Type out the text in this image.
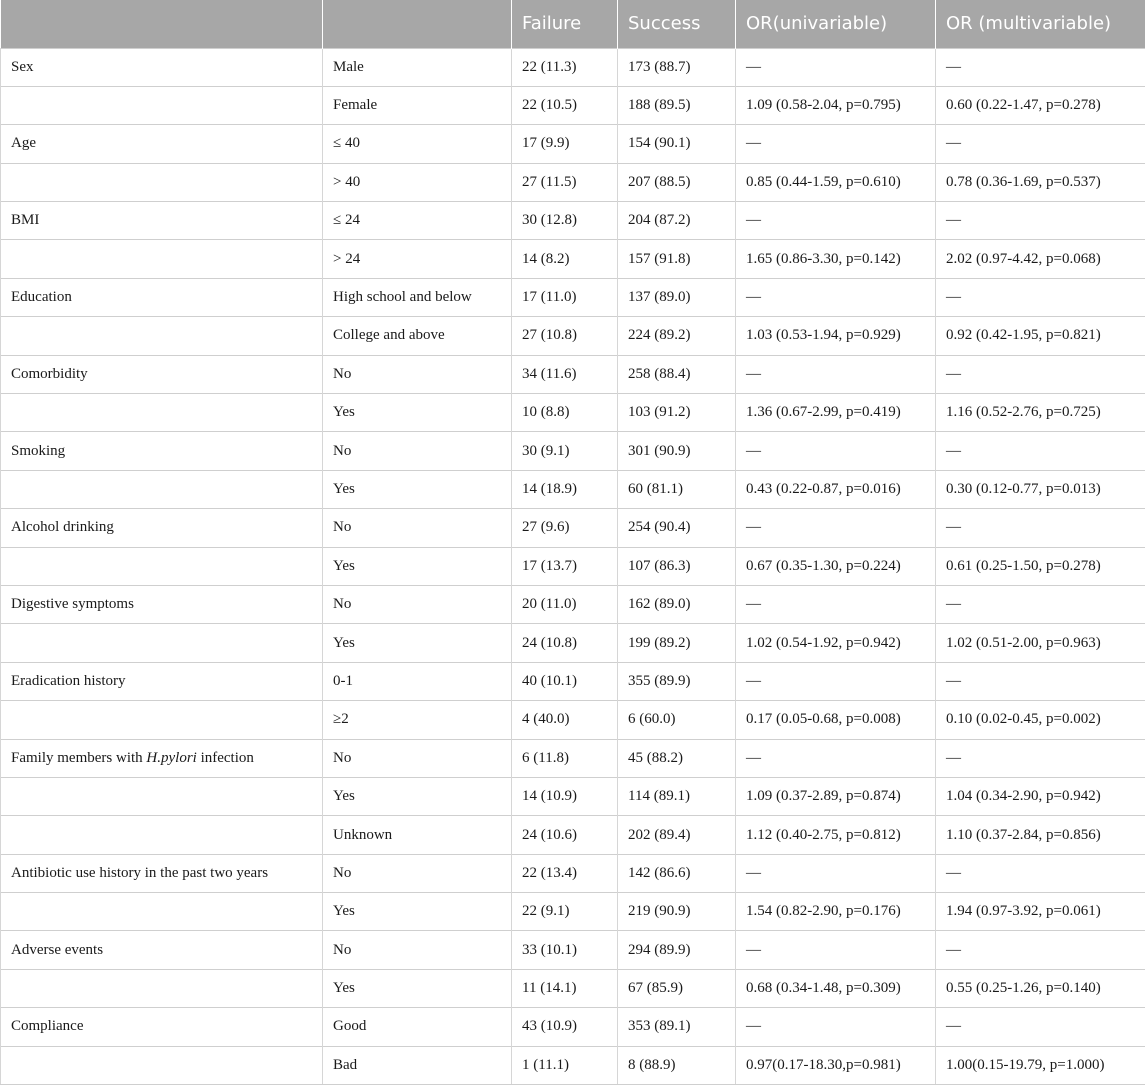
		Failure	Success	OR(univariable)	OR (multivariable)
Sex	Male	22 (11.3)	173 (88.7)	—	—
	Female	22 (10.5)	188 (89.5)	1.09 (0.58-2.04, p=0.795)	0.60 (0.22-1.47, p=0.278)
Age	≤ 40	17 (9.9)	154 (90.1)	—	—
	> 40	27 (11.5)	207 (88.5)	0.85 (0.44-1.59, p=0.610)	0.78 (0.36-1.69, p=0.537)
BMI	≤ 24	30 (12.8)	204 (87.2)	—	—
	> 24	14 (8.2)	157 (91.8)	1.65 (0.86-3.30, p=0.142)	2.02 (0.97-4.42, p=0.068)
Education	High school and below	17 (11.0)	137 (89.0)	—	—
	College and above	27 (10.8)	224 (89.2)	1.03 (0.53-1.94, p=0.929)	0.92 (0.42-1.95, p=0.821)
Comorbidity	No	34 (11.6)	258 (88.4)	—	—
	Yes	10 (8.8)	103 (91.2)	1.36 (0.67-2.99, p=0.419)	1.16 (0.52-2.76, p=0.725)
Smoking	No	30 (9.1)	301 (90.9)	—	—
	Yes	14 (18.9)	60 (81.1)	0.43 (0.22-0.87, p=0.016)	0.30 (0.12-0.77, p=0.013)
Alcohol drinking	No	27 (9.6)	254 (90.4)	—	—
	Yes	17 (13.7)	107 (86.3)	0.67 (0.35-1.30, p=0.224)	0.61 (0.25-1.50, p=0.278)
Digestive symptoms	No	20 (11.0)	162 (89.0)	—	—
	Yes	24 (10.8)	199 (89.2)	1.02 (0.54-1.92, p=0.942)	1.02 (0.51-2.00, p=0.963)
Eradication history	0-1	40 (10.1)	355 (89.9)	—	—
	≥2	4 (40.0)	6 (60.0)	0.17 (0.05-0.68, p=0.008)	0.10 (0.02-0.45, p=0.002)
Family members with H.pylori infection	No	6 (11.8)	45 (88.2)	—	—
	Yes	14 (10.9)	114 (89.1)	1.09 (0.37-2.89, p=0.874)	1.04 (0.34-2.90, p=0.942)
	Unknown	24 (10.6)	202 (89.4)	1.12 (0.40-2.75, p=0.812)	1.10 (0.37-2.84, p=0.856)
Antibiotic use history in the past two years	No	22 (13.4)	142 (86.6)	—	—
	Yes	22 (9.1)	219 (90.9)	1.54 (0.82-2.90, p=0.176)	1.94 (0.97-3.92, p=0.061)
Adverse events	No	33 (10.1)	294 (89.9)	—	—
	Yes	11 (14.1)	67 (85.9)	0.68 (0.34-1.48, p=0.309)	0.55 (0.25-1.26, p=0.140)
Compliance	Good	43 (10.9)	353 (89.1)	—	—
	Bad	1 (11.1)	8 (88.9)	0.97(0.17-18.30,p=0.981)	1.00(0.15-19.79, p=1.000)
